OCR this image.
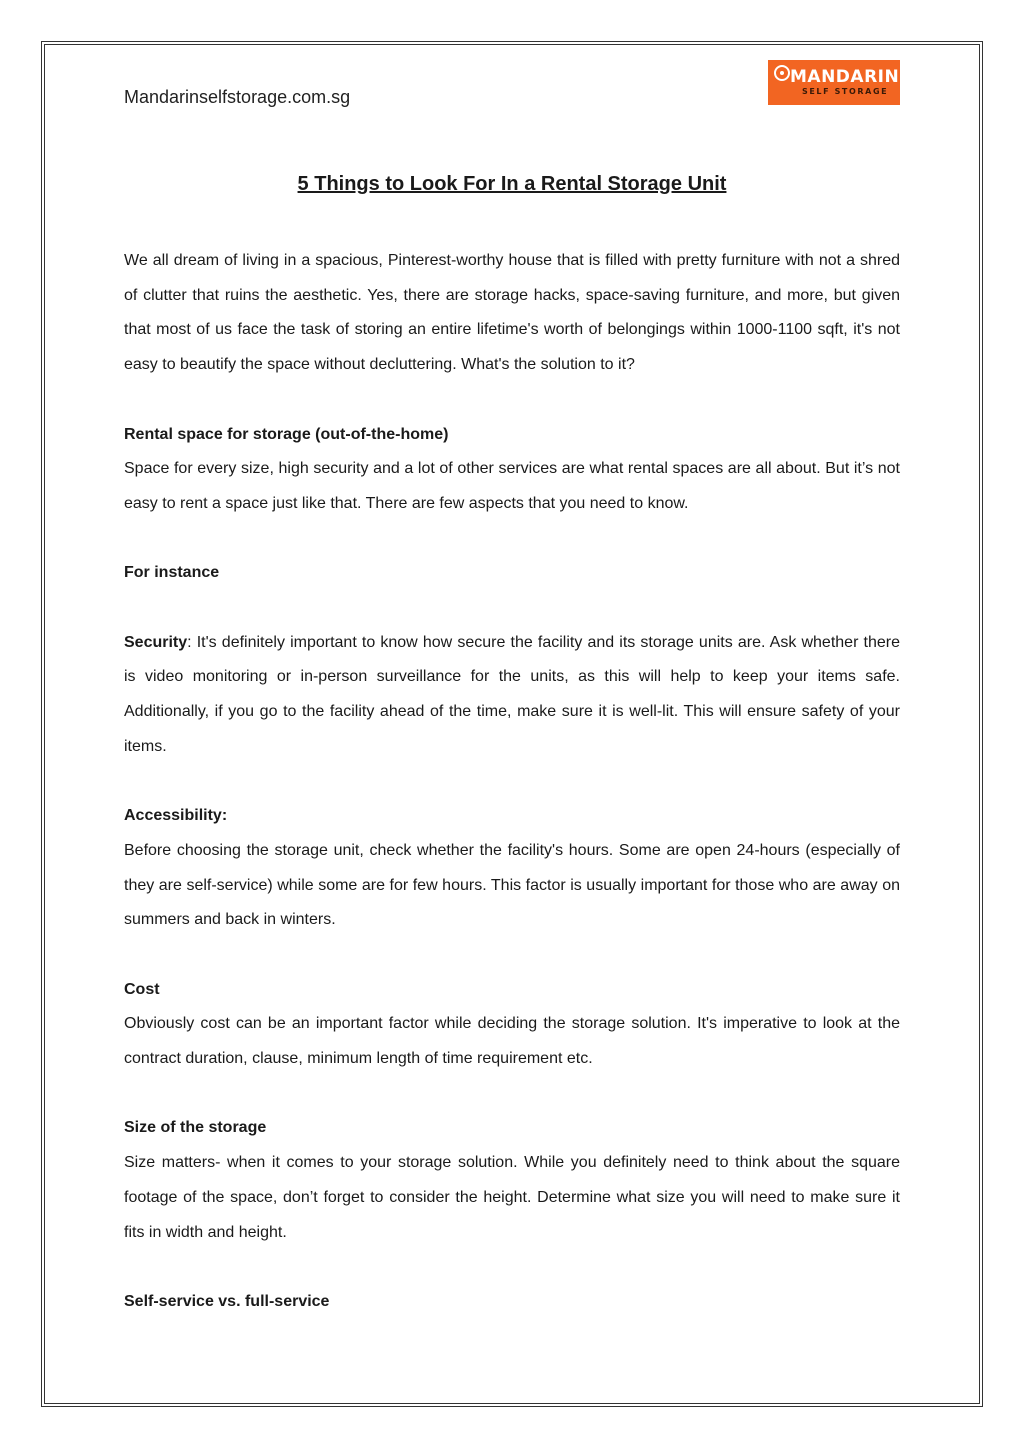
Mandarinselfstorage.com.sg
MANDARIN
SELF STORAGE
5 Things to Look For In a Rental Storage Unit

We all dream of living in a spacious, Pinterest-worthy house that is filled with pretty furniture with not a shred of clutter that ruins the aesthetic. Yes, there are storage hacks, space-saving furniture, and more, but given that most of us face the task of storing an entire lifetime's worth of belongings within 1000-1100 sqft, it's not easy to beautify the space without decluttering. What's the solution to it?

Rental space for storage (out-of-the-home)

Space for every size, high security and a lot of other services are what rental spaces are all about. But it’s not easy to rent a space just like that. There are few aspects that you need to know.

For instance

Security: It's definitely important to know how secure the facility and its storage units are. Ask whether there is video monitoring or in-person surveillance for the units, as this will help to keep your items safe. Additionally, if you go to the facility ahead of the time, make sure it is well-lit. This will ensure safety of your items.

Accessibility:

Before choosing the storage unit, check whether the facility's hours. Some are open 24-hours (especially of they are self-service) while some are for few hours. This factor is usually important for those who are away on summers and back in winters.

Cost

Obviously cost can be an important factor while deciding the storage solution. It's imperative to look at the contract duration, clause, minimum length of time requirement etc.

Size of the storage

Size matters- when it comes to your storage solution. While you definitely need to think about the square footage of the space, don’t forget to consider the height. Determine what size you will need to make sure it fits in width and height.

Self-service vs. full-service
